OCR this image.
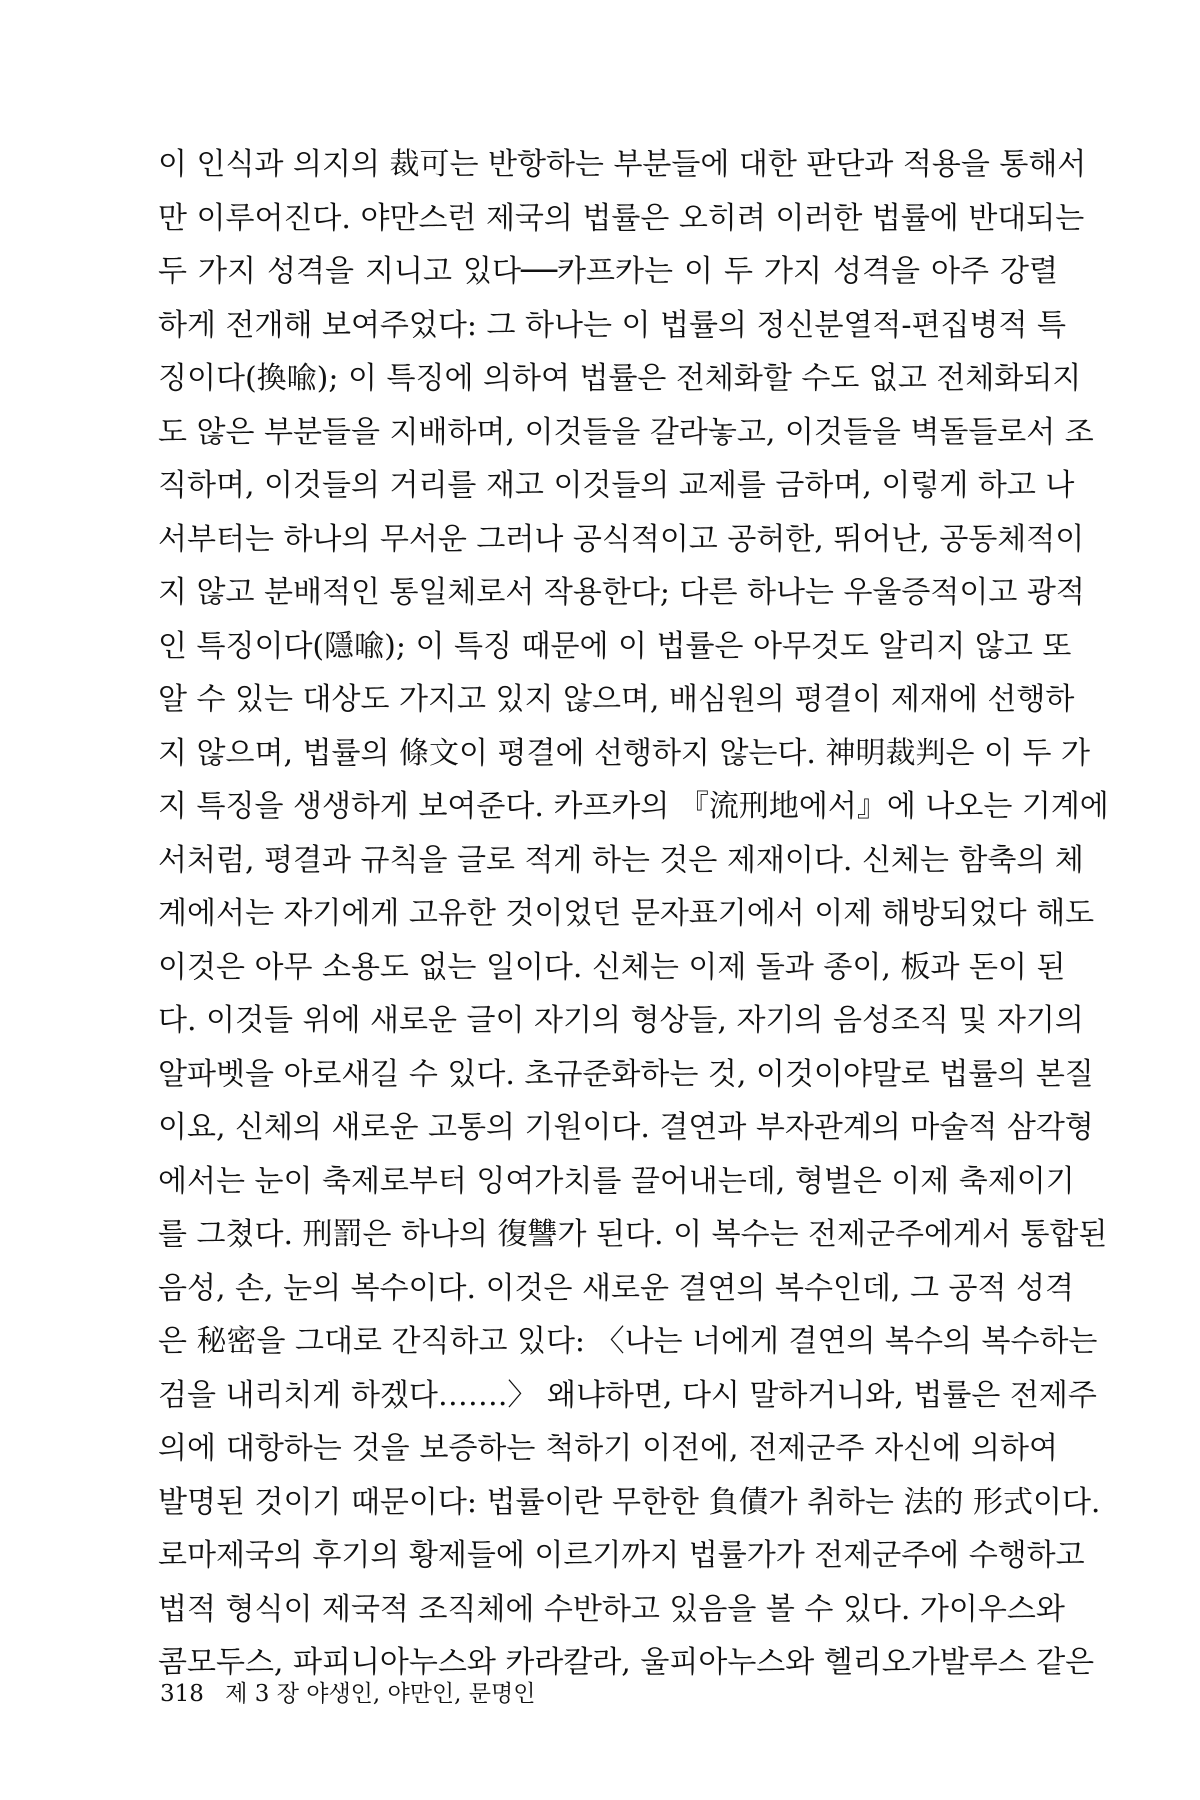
이 인식과 의지의 裁可는 반항하는 부분들에 대한 판단과 적용을 통해서
만 이루어진다. 야만스런 제국의 법률은 오히려 이러한 법률에 반대되는
두 가지 성격을 지니고 있다──카프카는 이 두 가지 성격을 아주 강렬
하게 전개해 보여주었다: 그 하나는 이 법률의 정신분열적-편집병적 특
징이다(換喩); 이 특징에 의하여 법률은 전체화할 수도 없고 전체화되지
도 않은 부분들을 지배하며, 이것들을 갈라놓고, 이것들을 벽돌들로서 조
직하며, 이것들의 거리를 재고 이것들의 교제를 금하며, 이렇게 하고 나
서부터는 하나의 무서운 그러나 공식적이고 공허한, 뛰어난, 공동체적이
지 않고 분배적인 통일체로서 작용한다; 다른 하나는 우울증적이고 광적
인 특징이다(隱喩); 이 특징 때문에 이 법률은 아무것도 알리지 않고 또
알 수 있는 대상도 가지고 있지 않으며, 배심원의 평결이 제재에 선행하
지 않으며, 법률의 條文이 평결에 선행하지 않는다. 神明裁判은 이 두 가
지 특징을 생생하게 보여준다. 카프카의 『流刑地에서』에 나오는 기계에
서처럼, 평결과 규칙을 글로 적게 하는 것은 제재이다. 신체는 함축의 체
계에서는 자기에게 고유한 것이었던 문자표기에서 이제 해방되었다 해도
이것은 아무 소용도 없는 일이다. 신체는 이제 돌과 종이, 板과 돈이 된
다. 이것들 위에 새로운 글이 자기의 형상들, 자기의 음성조직 및 자기의
알파벳을 아로새길 수 있다. 초규준화하는 것, 이것이야말로 법률의 본질
이요, 신체의 새로운 고통의 기원이다. 결연과 부자관계의 마술적 삼각형
에서는 눈이 축제로부터 잉여가치를 끌어내는데, 형벌은 이제 축제이기
를 그쳤다. 刑罰은 하나의 復讐가 된다. 이 복수는 전제군주에게서 통합된
음성, 손, 눈의 복수이다. 이것은 새로운 결연의 복수인데, 그 공적 성격
은 秘密을 그대로 간직하고 있다: 〈나는 너에게 결연의 복수의 복수하는
검을 내리치게 하겠다…….〉 왜냐하면, 다시 말하거니와, 법률은 전제주
의에 대항하는 것을 보증하는 척하기 이전에, 전제군주 자신에 의하여
발명된 것이기 때문이다: 법률이란 무한한 負債가 취하는 法的 形式이다.
로마제국의 후기의 황제들에 이르기까지 법률가가 전제군주에 수행하고
법적 형식이 제국적 조직체에 수반하고 있음을 볼 수 있다. 가이우스와
콤모두스, 파피니아누스와 카라칼라, 울피아누스와 헬리오가발루스 같은
318 제 3 장 야생인, 야만인, 문명인
